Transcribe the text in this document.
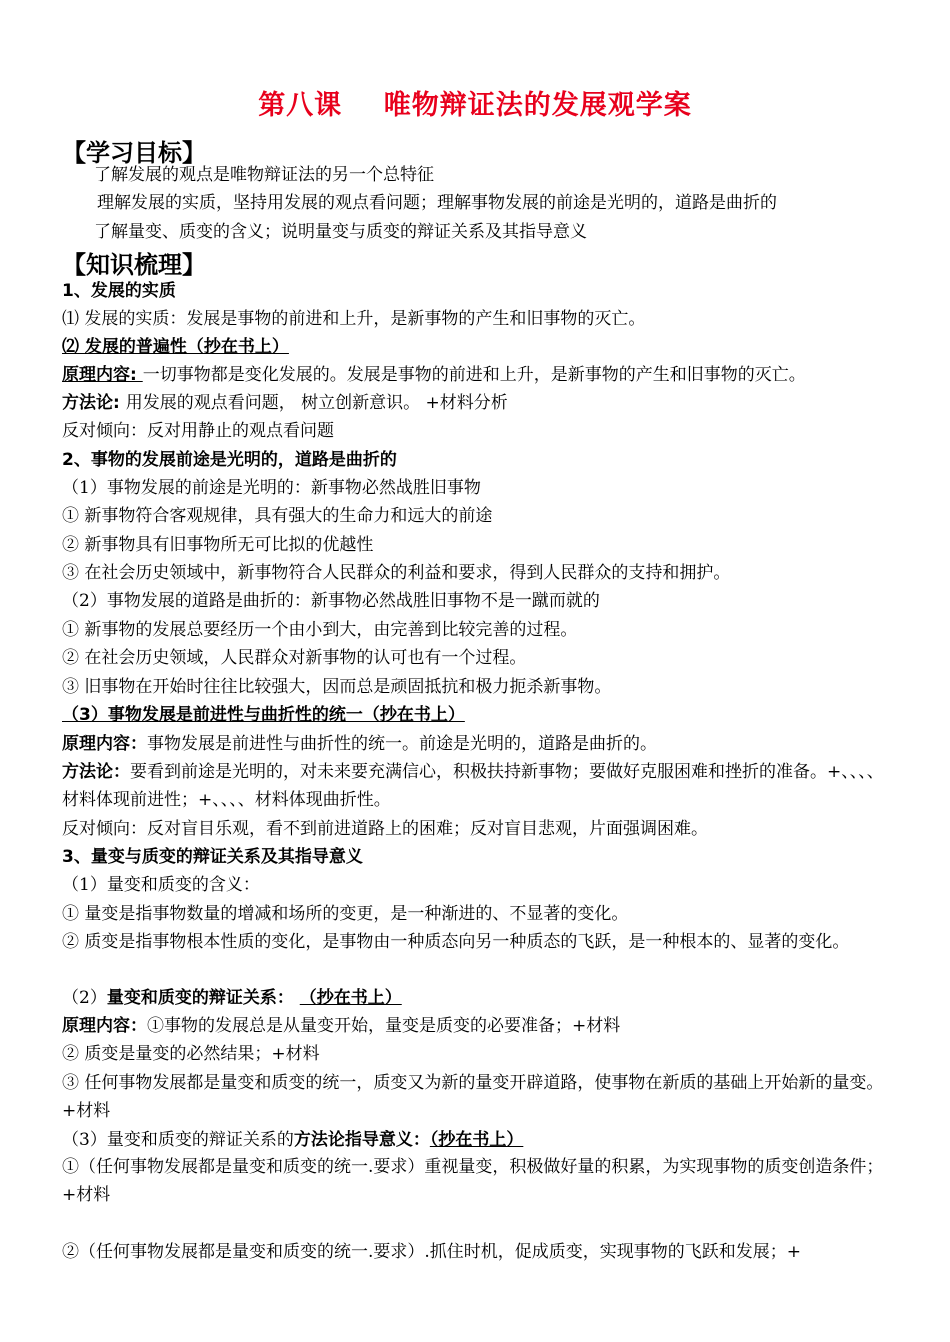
第八课    唯物辩证法的发展观学案
【学习目标】
了解发展的观点是唯物辩证法的另一个总特征
理解发展的实质，坚持用发展的观点看问题；理解事物发展的前途是光明的，道路是曲折的
了解量变、质变的含义；说明量变与质变的辩证关系及其指导意义
【知识梳理】
1、发展的实质
⑴ 发展的实质：发展是事物的前进和上升，是新事物的产生和旧事物的灭亡。
⑵ 发展的普遍性（抄在书上）
原理内容: 一切事物都是变化发展的。发展是事物的前进和上升，是新事物的产生和旧事物的灭亡。
方法论: 用发展的观点看问题， 树立创新意识。 +材料分析
反对倾向：反对用静止的观点看问题
2、事物的发展前途是光明的，道路是曲折的
（1）事物发展的前途是光明的：新事物必然战胜旧事物
① 新事物符合客观规律，具有强大的生命力和远大的前途
② 新事物具有旧事物所无可比拟的优越性
③ 在社会历史领域中，新事物符合人民群众的利益和要求，得到人民群众的支持和拥护。
（2）事物发展的道路是曲折的：新事物必然战胜旧事物不是一蹴而就的
① 新事物的发展总要经历一个由小到大，由完善到比较完善的过程。
② 在社会历史领域，人民群众对新事物的认可也有一个过程。
③ 旧事物在开始时往往比较强大，因而总是顽固抵抗和极力扼杀新事物。
（3）事物发展是前进性与曲折性的统一（抄在书上）
原理内容：事物发展是前进性与曲折性的统一。前途是光明的，道路是曲折的。
方法论：要看到前途是光明的，对未来要充满信心，积极扶持新事物；要做好克服困难和挫折的准备。+、、、、材料体现前进性；+、、、、材料体现曲折性。
反对倾向：反对盲目乐观，看不到前进道路上的困难；反对盲目悲观，片面强调困难。
3、量变与质变的辩证关系及其指导意义
（1）量变和质变的含义：
① 量变是指事物数量的增减和场所的变更，是一种渐进的、不显著的变化。
② 质变是指事物根本性质的变化，是事物由一种质态向另一种质态的飞跃，是一种根本的、显著的变化。
（2）量变和质变的辩证关系： （抄在书上）
原理内容：①事物的发展总是从量变开始，量变是质变的必要准备；+材料
② 质变是量变的必然结果；+材料
③ 任何事物发展都是量变和质变的统一，质变又为新的量变开辟道路，使事物在新质的基础上开始新的量变。+材料
（3）量变和质变的辩证关系的方法论指导意义：（抄在书上）
①（任何事物发展都是量变和质变的统一.要求）重视量变，积极做好量的积累，为实现事物的质变创造条件；+材料
②（任何事物发展都是量变和质变的统一.要求）.抓住时机，促成质变，实现事物的飞跃和发展；+
